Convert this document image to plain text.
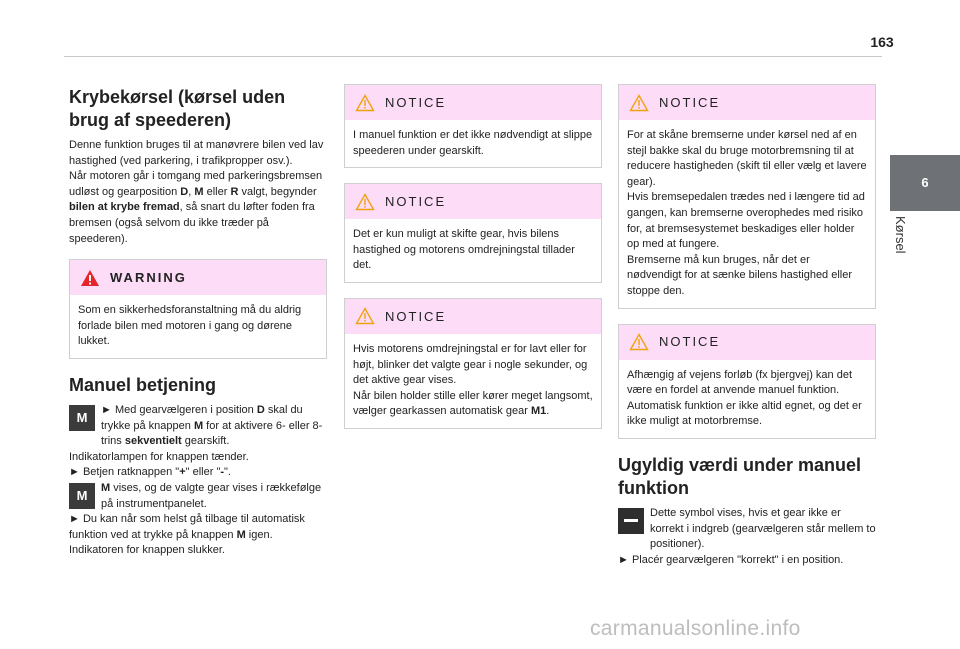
163
6
Kørsel
Krybekørsel (kørsel uden brug af speederen)

Denne funktion bruges til at manøvrere bilen ved lav hastighed (ved parkering, i trafikpropper osv.).

Når motoren går i tomgang med parkeringsbremsen udløst og gearposition D, M eller R valgt, begynder bilen at krybe fremad, så snart du løfter foden fra bremsen (også selvom du ikke træder på speederen).

WARNING
Som en sikkerhedsforanstaltning må du aldrig forlade bilen med motoren i gang og dørene lukket.
Manuel betjening
M

► Med gearvælgeren i position D skal du trykke på knappen M for at aktivere 6- eller 8-trins sekventielt gearskift.

Indikatorlampen for knappen tænder.

► Betjen ratknappen "+" eller "-".

M

M vises, og de valgte gear vises i rækkefølge på instrumentpanelet.

► Du kan når som helst gå tilbage til automatisk funktion ved at trykke på knappen M igen.

Indikatoren for knappen slukker.

NOTICE
I manuel funktion er det ikke nødvendigt at slippe speederen under gearskift.
NOTICE
Det er kun muligt at skifte gear, hvis bilens hastighed og motorens omdrejningstal tillader det.
NOTICE
Hvis motorens omdrejningstal er for lavt eller for højt, blinker det valgte gear i nogle sekunder, og det aktive gear vises.
Når bilen holder stille eller kører meget langsomt, vælger gearkassen automatisk gear M1.
NOTICE
For at skåne bremserne under kørsel ned af en stejl bakke skal du bruge motorbremsning til at reducere hastigheden (skift til eller vælg et lavere gear).
Hvis bremsepedalen trædes ned i længere tid ad gangen, kan bremserne overophedes med risiko for, at bremsesystemet beskadiges eller holder op med at fungere.
Bremserne må kun bruges, når det er nødvendigt for at sænke bilens hastighed eller stoppe den.
NOTICE
Afhængig af vejens forløb (fx bjergvej) kan det være en fordel at anvende manuel funktion.
Automatisk funktion er ikke altid egnet, og det er ikke muligt at motorbremse.
Ugyldig værdi under manuel funktion

Dette symbol vises, hvis et gear ikke er korrekt i indgreb (gearvælgeren står mellem to positioner).

► Placér gearvælgeren "korrekt" i en position.

carmanualsonline.info
